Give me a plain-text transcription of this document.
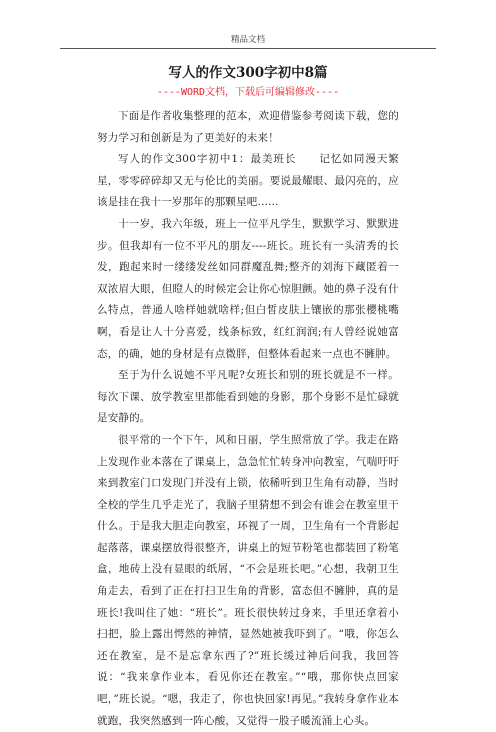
精品文档
写人的作文300字初中8篇

----WORD文档，下载后可编辑修改----

下面是作者收集整理的范本，欢迎借鉴参考阅读下载，您的努力学习和创新是为了更美好的未来！

写人的作文300字初中1：最美班长　　记忆如同漫天繁星，零零碎碎却又无与伦比的美丽。要说最耀眼、最闪亮的，应该是挂在我十一岁那年的那颗星吧......

十一岁，我六年级，班上一位平凡学生，默默学习、默默进步。但我却有一位不平凡的朋友----班长。班长有一头清秀的长发，跑起来时一缕缕发丝如同群魔乱舞;整齐的刘海下藏匿着一双浓眉大眼，但瞪人的时候定会让你心惊胆颤。她的鼻子没有什么特点，普通人啥样她就啥样;但白皙皮肤上镶嵌的那张樱桃嘴啊，看是让人十分喜爱，线条标致，红红润润;有人曾经说她富态，的确，她的身材是有点微胖，但整体看起来一点也不臃肿。

至于为什么说她不平凡呢?女班长和别的班长就是不一样。每次下课、放学教室里都能看到她的身影，那个身影不是忙碌就是安静的。

很平常的一个下午，风和日丽，学生照常放了学。我走在路上发现作业本落在了课桌上，急急忙忙转身冲向教室，气喘吁吁来到教室门口发现门并没有上锁，依稀听到卫生角有动静，当时全校的学生几乎走光了，我脑子里猜想不到会有谁会在教室里干什么。于是我大胆走向教室，环视了一周，卫生角有一个背影起起落落，课桌摆放得很整齐，讲桌上的短节粉笔也都装回了粉笔盒，地砖上没有显眼的纸屑，“不会是班长吧。”心想，我朝卫生角走去，看到了正在打扫卫生角的背影，富态但不臃肿，真的是班长!我叫住了她：“班长”。班长很快转过身来，手里还拿着小扫把，脸上露出愕然的神情，显然她被我吓到了。“哦，你怎么还在教室，是不是忘拿东西了?”班长缓过神后问我，我回答说：“我来拿作业本，看见你还在教室。”“哦，那你快点回家吧，”班长说。“嗯，我走了，你也快回家!再见。”我转身拿作业本就跑，我突然感到一阵心酸，又觉得一股子暖流涌上心头。
